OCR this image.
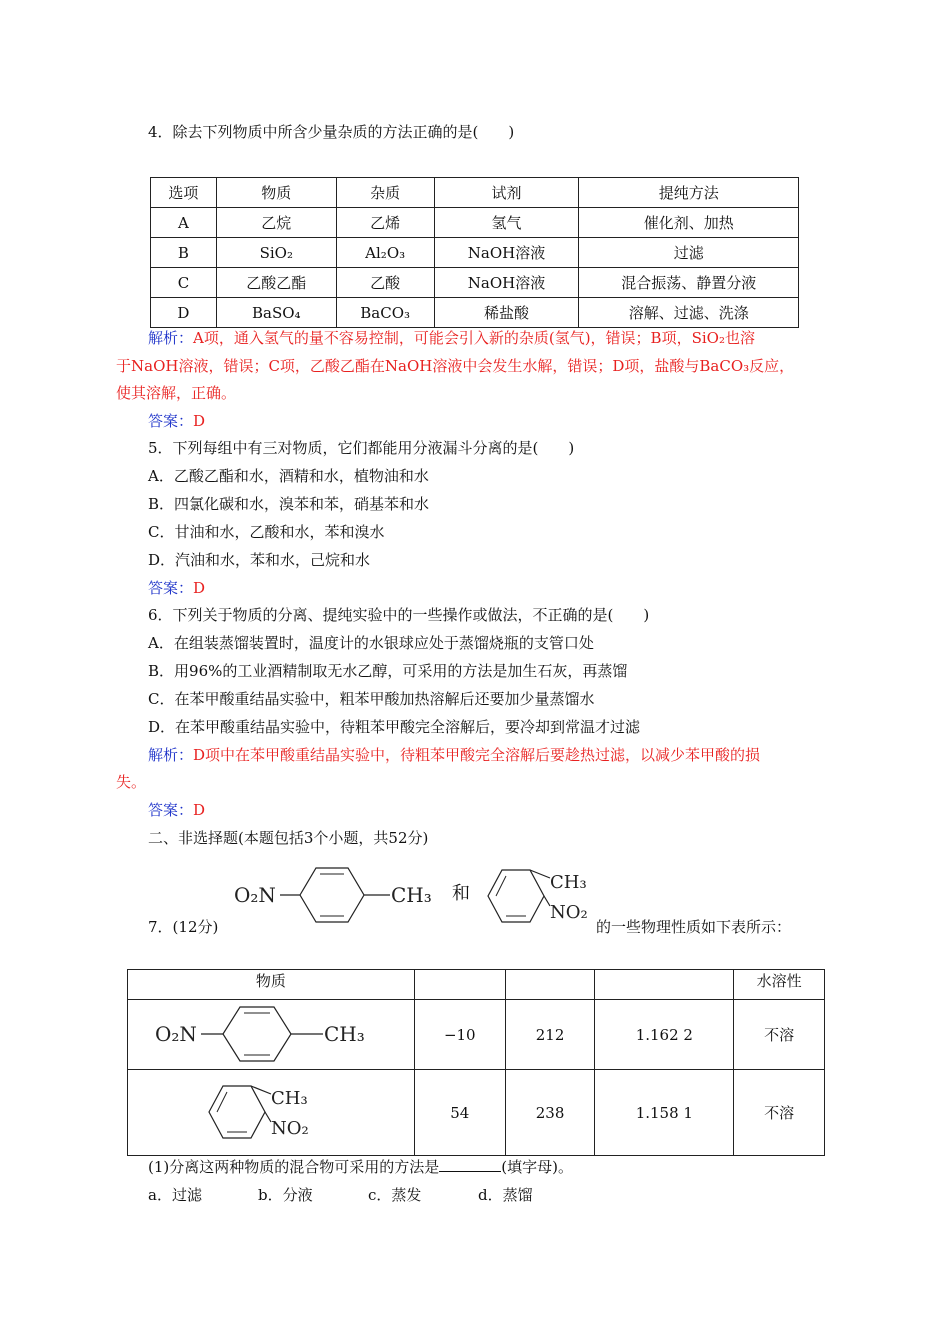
4．除去下列物质中所含少量杂质的方法正确的是(　　)
选项	物质	杂质	试剂	提纯方法
A	乙烷	乙烯	氢气	催化剂、加热
B	SiO₂	Al₂O₃	NaOH溶液	过滤
C	乙酸乙酯	乙酸	NaOH溶液	混合振荡、静置分液
D	BaSO₄	BaCO₃	稀盐酸	溶解、过滤、洗涤
解析：A项，通入氢气的量不容易控制，可能会引入新的杂质(氢气)，错误；B项，SiO₂也溶
于NaOH溶液，错误；C项，乙酸乙酯在NaOH溶液中会发生水解，错误；D项，盐酸与BaCO₃反应，
使其溶解，正确。
答案：D
5．下列每组中有三对物质，它们都能用分液漏斗分离的是(　　)
A．乙酸乙酯和水，酒精和水，植物油和水
B．四氯化碳和水，溴苯和苯，硝基苯和水
C．甘油和水，乙酸和水，苯和溴水
D．汽油和水，苯和水，己烷和水
答案：D
6．下列关于物质的分离、提纯实验中的一些操作或做法，不正确的是(　　)
A．在组装蒸馏装置时，温度计的水银球应处于蒸馏烧瓶的支管口处
B．用96%的工业酒精制取无水乙醇，可采用的方法是加生石灰，再蒸馏
C．在苯甲酸重结晶实验中，粗苯甲酸加热溶解后还要加少量蒸馏水
D．在苯甲酸重结晶实验中，待粗苯甲酸完全溶解后，要冷却到常温才过滤
解析：D项中在苯甲酸重结晶实验中，待粗苯甲酸完全溶解后要趁热过滤，以减少苯甲酸的损
失。
答案：D
二、非选择题(本题包括3个小题，共52分)
O₂N	CH₃ 和
CH₃
NO₂
7．(12分)	的一些物理性质如下表所示：
物质				水溶性

O₂N CH₃	−10	212	1.162 2	不溶

CH₃
NO₂	54	238	1.158 1	不溶
(1)分离这两种物质的混合物可采用的方法是	(填字母)。
a．过滤	b．分液	c．蒸发	d．蒸馏
